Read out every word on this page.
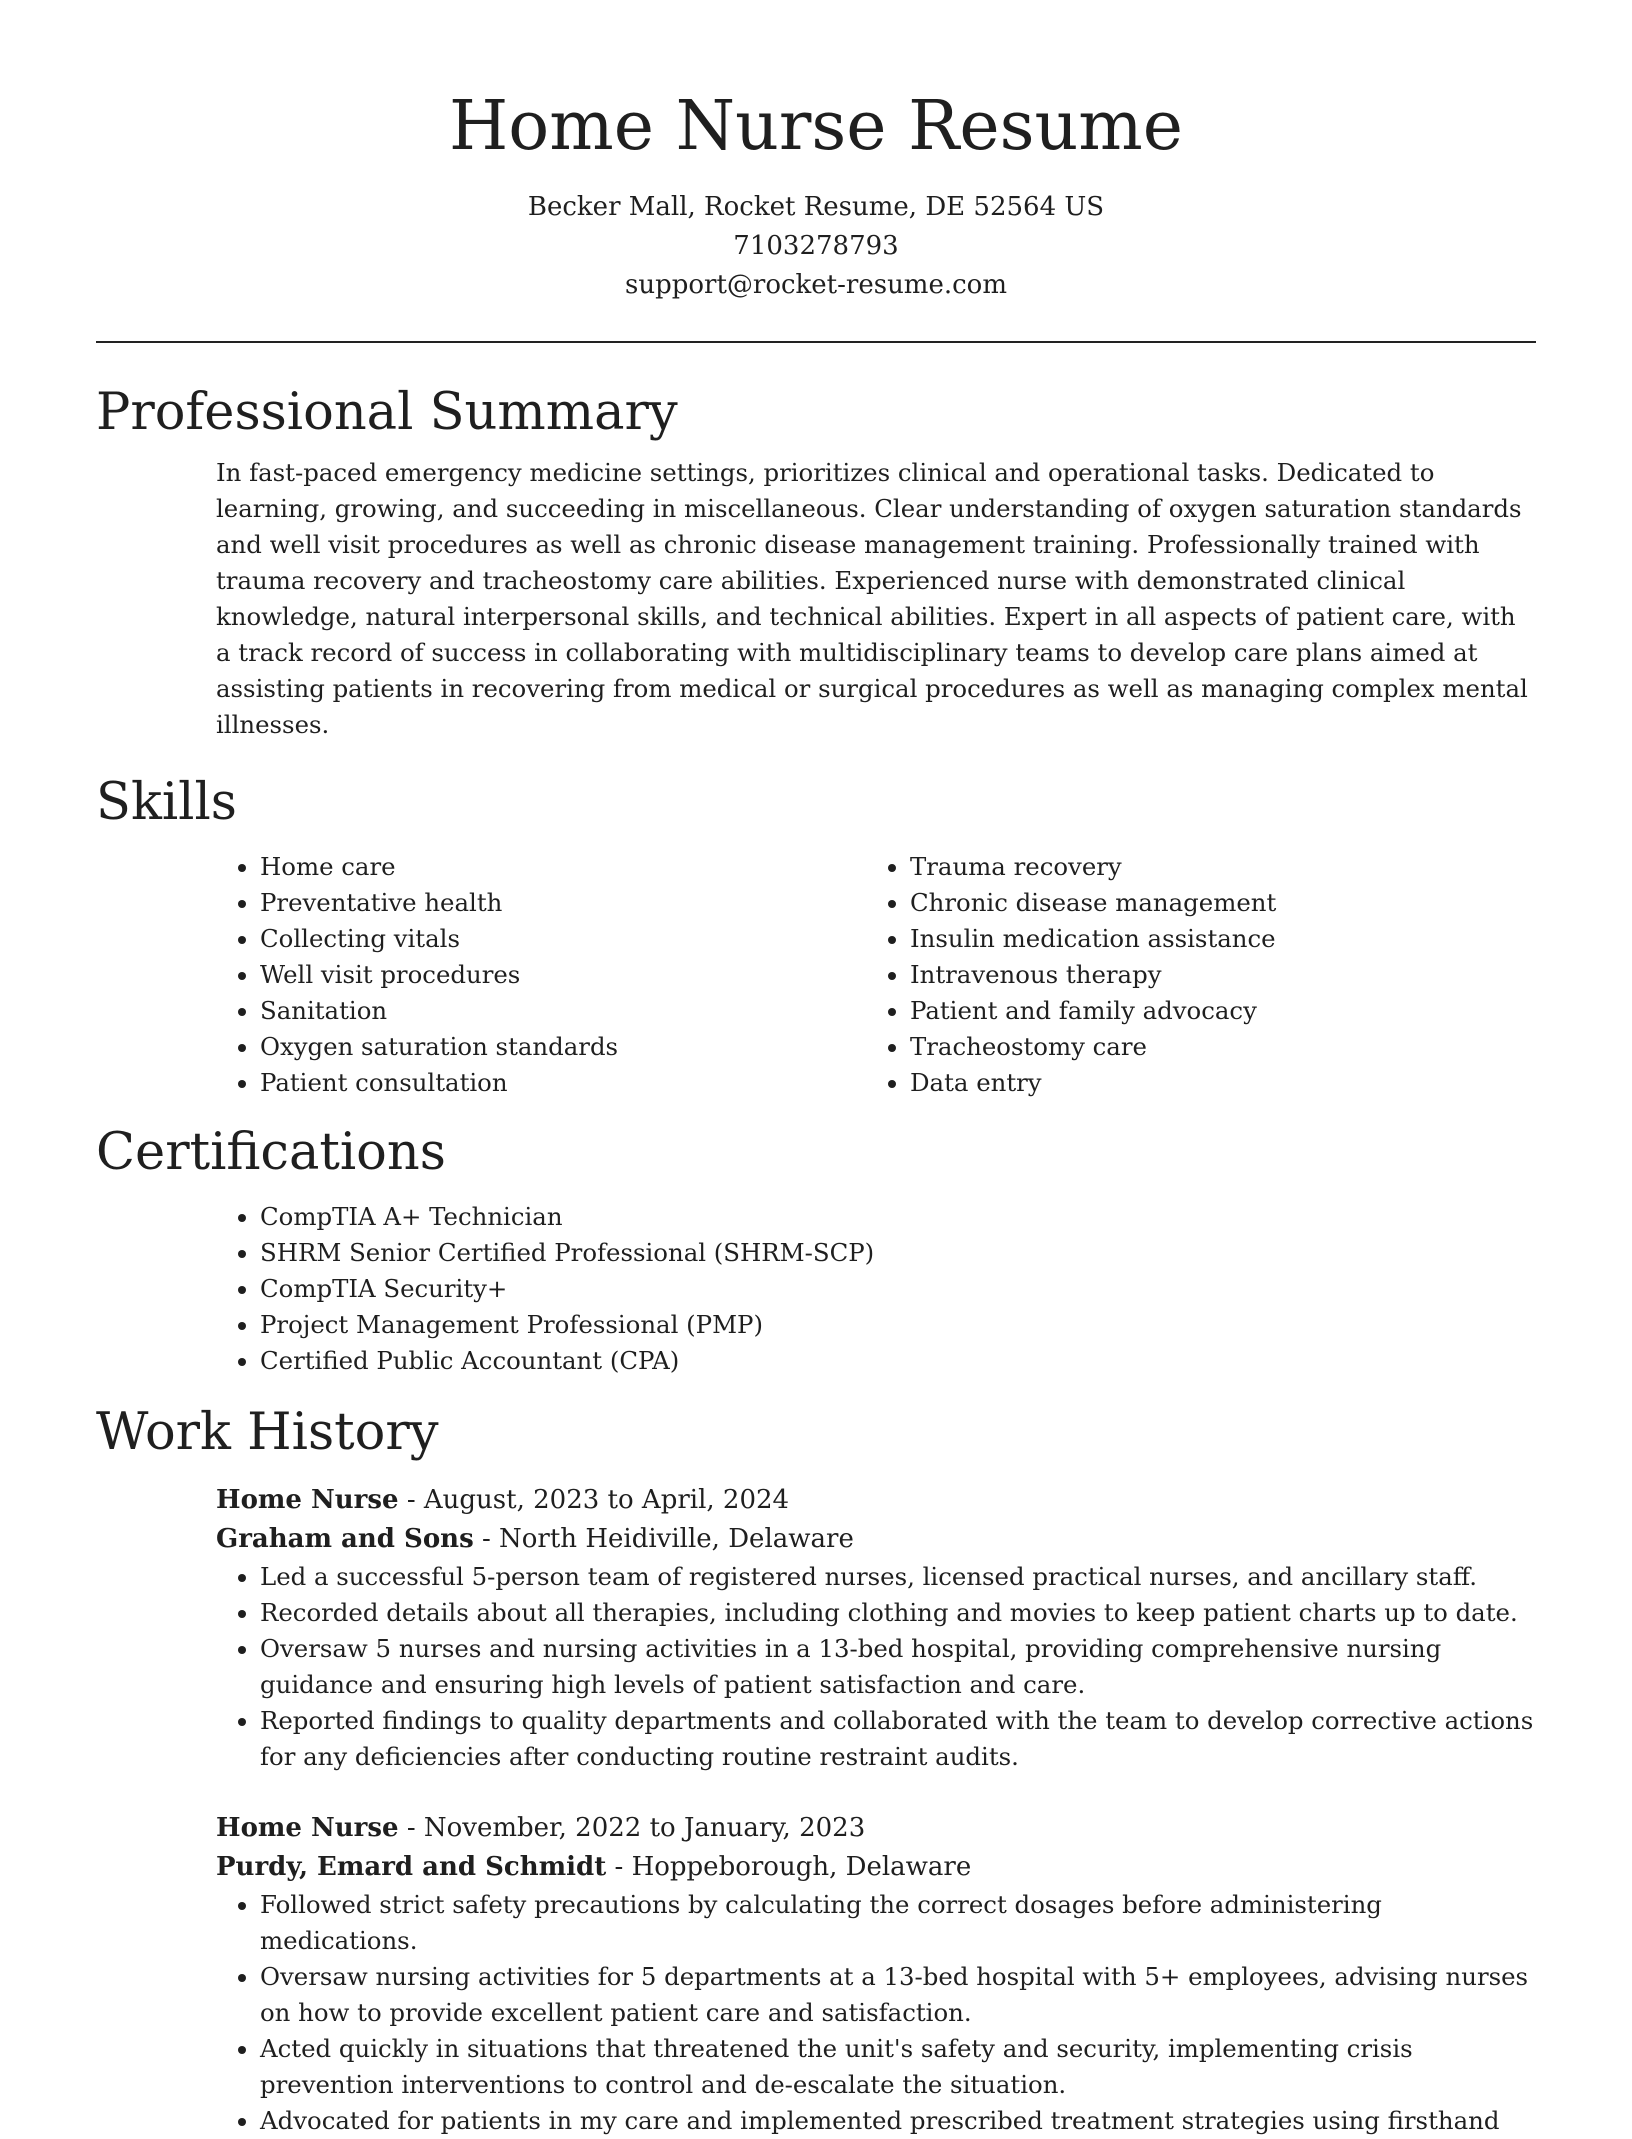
Home Nurse Resume
Becker Mall, Rocket Resume, DE 52564 US
7103278793
support@rocket-resume.com
Professional Summary
In fast-paced emergency medicine settings, prioritizes clinical and operational tasks. Dedicated to learning, growing, and succeeding in miscellaneous. Clear understanding of oxygen saturation standards and well visit procedures as well as chronic disease management training. Professionally trained with trauma recovery and tracheostomy care abilities. Experienced nurse with demonstrated clinical knowledge, natural interpersonal skills, and technical abilities. Expert in all aspects of patient care, with a track record of success in collaborating with multidisciplinary teams to develop care plans aimed at assisting patients in recovering from medical or surgical procedures as well as managing complex mental illnesses.
Skills
• Home care
• Preventative health
• Collecting vitals
• Well visit procedures
• Sanitation
• Oxygen saturation standards
• Patient consultation
• Trauma recovery
• Chronic disease management
• Insulin medication assistance
• Intravenous therapy
• Patient and family advocacy
• Tracheostomy care
• Data entry
Certifications
• CompTIA A+ Technician
• SHRM Senior Certified Professional (SHRM-SCP)
• CompTIA Security+
• Project Management Professional (PMP)
• Certified Public Accountant (CPA)
Work History
Home Nurse - August, 2023 to April, 2024
Graham and Sons - North Heidiville, Delaware
• Led a successful 5-person team of registered nurses, licensed practical nurses, and ancillary staff.
• Recorded details about all therapies, including clothing and movies to keep patient charts up to date.
• Oversaw 5 nurses and nursing activities in a 13-bed hospital, providing comprehensive nursing guidance and ensuring high levels of patient satisfaction and care.
• Reported findings to quality departments and collaborated with the team to develop corrective actions for any deficiencies after conducting routine restraint audits.
Home Nurse - November, 2022 to January, 2023
Purdy, Emard and Schmidt - Hoppeborough, Delaware
• Followed strict safety precautions by calculating the correct dosages before administering medications.
• Oversaw nursing activities for 5 departments at a 13-bed hospital with 5+ employees, advising nurses on how to provide excellent patient care and satisfaction.
• Acted quickly in situations that threatened the unit's safety and security, implementing crisis prevention interventions to control and de-escalate the situation.
• Advocated for patients in my care and implemented prescribed treatment strategies using firsthand
